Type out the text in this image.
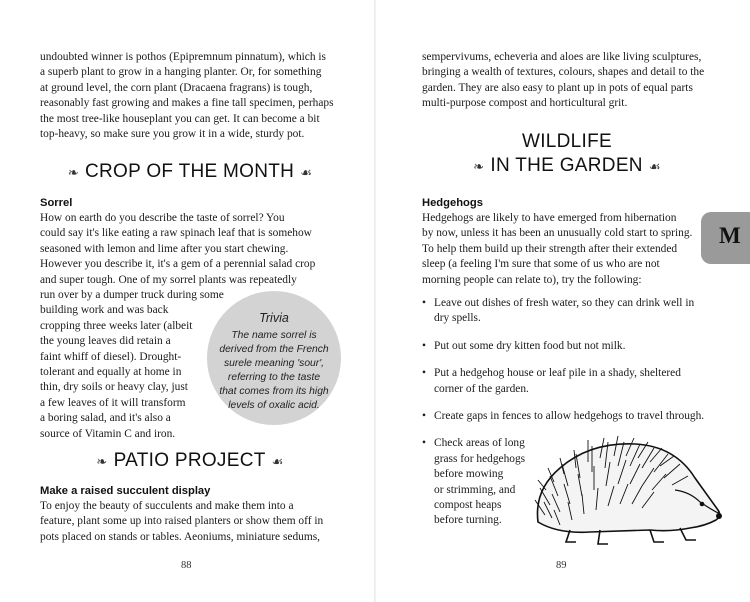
undoubted winner is pothos (Epipremnum pinnatum), which is

a superb plant to grow in a hanging planter. Or, for something

at ground level, the corn plant (Dracaena fragrans) is tough,

reasonably fast growing and makes a fine tall specimen, perhaps

the most tree-like houseplant you can get. It can become a bit

top-heavy, so make sure you grow it in a wide, sturdy pot.

❧ CROP OF THE MONTH ☙
Sorrel

How on earth do you describe the taste of sorrel? You

could say it's like eating a raw spinach leaf that is somehow

seasoned with lemon and lime after you start chewing.

However you describe it, it's a gem of a perennial salad crop

and super tough. One of my sorrel plants was repeatedly

run over by a dumper truck during some

building work and was back

cropping three weeks later (albeit

the young leaves did retain a

faint whiff of diesel). Drought-

tolerant and equally at home in

thin, dry soils or heavy clay, just

a few leaves of it will transform

a boring salad, and it's also a

source of Vitamin C and iron.

Trivia
The name sorrel is
derived from the French
surele meaning 'sour',
referring to the taste
that comes from its high
levels of oxalic acid.
❧ PATIO PROJECT ☙
Make a raised succulent display

To enjoy the beauty of succulents and make them into a

feature, plant some up into raised planters or show them off in

pots placed on stands or tables. Aeoniums, miniature sedums,

88

sempervivums, echeveria and aloes are like living sculptures,

bringing a wealth of textures, colours, shapes and detail to the

garden. They are also easy to plant up in pots of equal parts

multi-purpose compost and horticultural grit.

WILDLIFE
❧ IN THE GARDEN ☙
Hedgehogs

Hedgehogs are likely to have emerged from hibernation

by now, unless it has been an unusually cold start to spring.

To help them build up their strength after their extended

sleep (a feeling I'm sure that some of us who are not

morning people can relate to), try the following:

• Leave out dishes of fresh water, so they can drink well in
dry spells.
• Put out some dry kitten food but not milk.
• Put a hedgehog house or leaf pile in a shady, sheltered
corner of the garden.
• Create gaps in fences to allow hedgehogs to travel through.
• Check areas of long
grass for hedgehogs
before mowing
or strimming, and
compost heaps
before turning.
M
89
